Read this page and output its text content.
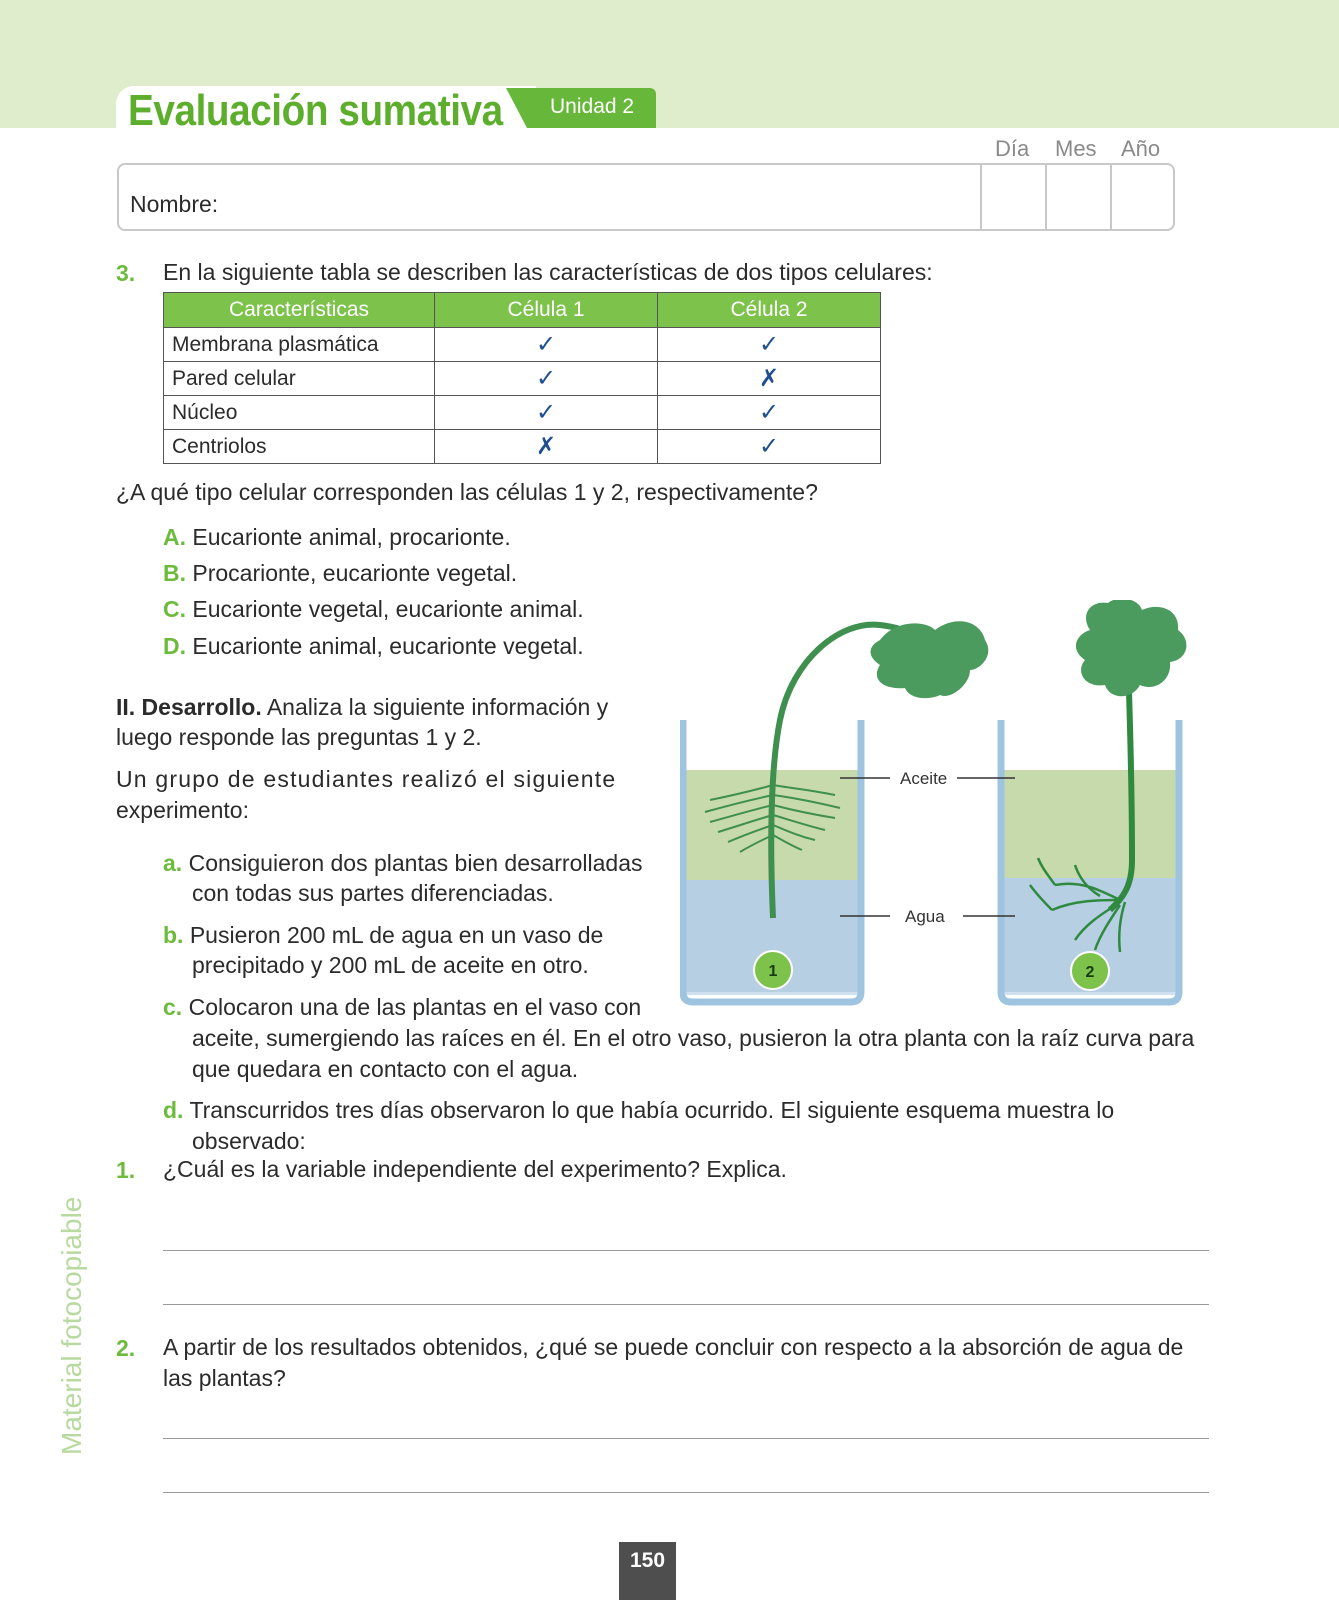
Evaluación sumativa Unidad 2
Día Mes Año
Nombre:
3. En la siguiente tabla se describen las características de dos tipos celulares:
Características	Célula 1	Célula 2
Membrana plasmática	✓	✓
Pared celular	✓	✗
Núcleo	✓	✓
Centriolos	✗	✓
¿A qué tipo celular corresponden las células 1 y 2, respectivamente?
A. Eucarionte animal, procarionte.
B. Procarionte, eucarionte vegetal.
C. Eucarionte vegetal, eucarionte animal.
D. Eucarionte animal, eucarionte vegetal.
II. Desarrollo. Analiza la siguiente información y
luego responde las preguntas 1 y 2.
Un grupo de estudiantes realizó el siguiente
experimento:
a. Consiguieron dos plantas bien desarrolladas
con todas sus partes diferenciadas.
b. Pusieron 200 mL de agua en un vaso de
precipitado y 200 mL de aceite en otro.
c. Colocaron una de las plantas en el vaso con
aceite, sumergiendo las raíces en él. En el otro vaso, pusieron la otra planta con la raíz curva para
que quedara en contacto con el agua.
d. Transcurridos tres días observaron lo que había ocurrido. El siguiente esquema muestra lo
observado:
Aceite
Agua
1	2
1. ¿Cuál es la variable independiente del experimento? Explica.
2. A partir de los resultados obtenidos, ¿qué se puede concluir con respecto a la absorción de agua de
las plantas?
Material fotocopiable
150
